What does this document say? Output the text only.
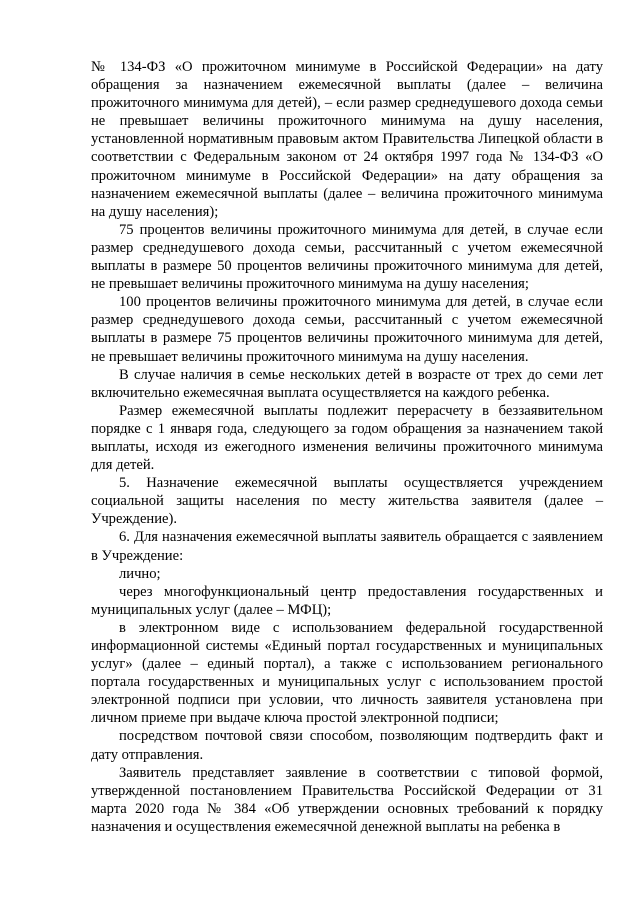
№ 134-ФЗ «О прожиточном минимуме в Российской Федерации» на дату обращения за назначением ежемесячной выплаты (далее – величина прожиточного минимума для детей), – если размер среднедушевого дохода семьи не превышает величины прожиточного минимума на душу населения, установленной нормативным правовым актом Правительства Липецкой области в соответствии с Федеральным законом от 24 октября 1997 года № 134-ФЗ «О прожиточном минимуме в Российской Федерации» на дату обращения за назначением ежемесячной выплаты (далее – величина прожиточного минимума на душу населения);

75 процентов величины прожиточного минимума для детей, в случае если размер среднедушевого дохода семьи, рассчитанный с учетом ежемесячной выплаты в размере 50 процентов величины прожиточного минимума для детей, не превышает величины прожиточного минимума на душу населения;

100 процентов величины прожиточного минимума для детей, в случае если размер среднедушевого дохода семьи, рассчитанный с учетом ежемесячной выплаты в размере 75 процентов величины прожиточного минимума для детей, не превышает величины прожиточного минимума на душу населения.

В случае наличия в семье нескольких детей в возрасте от трех до семи лет включительно ежемесячная выплата осуществляется на каждого ребенка.

Размер ежемесячной выплаты подлежит перерасчету в беззаявительном порядке с 1 января года, следующего за годом обращения за назначением такой выплаты, исходя из ежегодного изменения величины прожиточного минимума для детей.

5. Назначение ежемесячной выплаты осуществляется учреждением социальной защиты населения по месту жительства заявителя (далее – Учреждение).

6. Для назначения ежемесячной выплаты заявитель обращается с заявлением в Учреждение:

лично;

через многофункциональный центр предоставления государственных и муниципальных услуг (далее – МФЦ);

в электронном виде с использованием федеральной государственной информационной системы «Единый портал государственных и муниципальных услуг» (далее – единый портал), а также с использованием регионального портала государственных и муниципальных услуг с использованием простой электронной подписи при условии, что личность заявителя установлена при личном приеме при выдаче ключа простой электронной подписи;

посредством почтовой связи способом, позволяющим подтвердить факт и дату отправления.

Заявитель представляет заявление в соответствии с типовой формой, утвержденной постановлением Правительства Российской Федерации от 31 марта 2020 года № 384 «Об утверждении основных требований к порядку назначения и осуществления ежемесячной денежной выплаты на ребенка в
